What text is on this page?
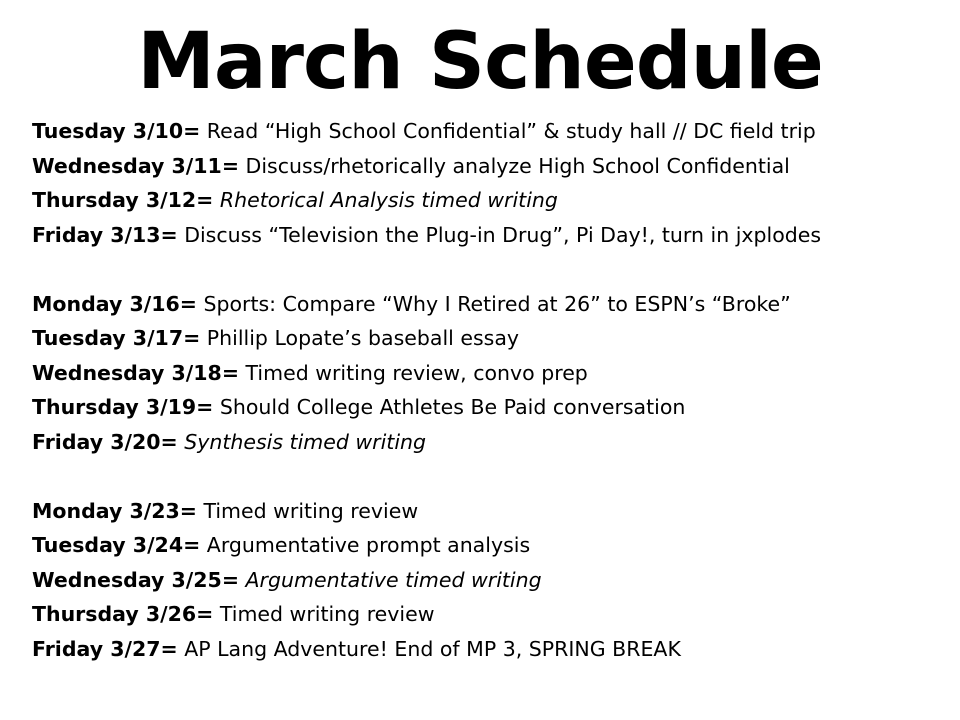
March Schedule
Tuesday 3/10= Read “High School Confidential” & study hall // DC field trip
Wednesday 3/11= Discuss/rhetorically analyze High School Confidential
Thursday 3/12= Rhetorical Analysis timed writing
Friday 3/13= Discuss “Television the Plug-in Drug”, Pi Day!, turn in jxplodes
Monday 3/16= Sports: Compare “Why I Retired at 26” to ESPN’s “Broke”
Tuesday 3/17= Phillip Lopate’s baseball essay
Wednesday 3/18= Timed writing review, convo prep
Thursday 3/19= Should College Athletes Be Paid conversation
Friday 3/20= Synthesis timed writing
Monday 3/23= Timed writing review
Tuesday 3/24= Argumentative prompt analysis
Wednesday 3/25= Argumentative timed writing
Thursday 3/26= Timed writing review
Friday 3/27= AP Lang Adventure! End of MP 3, SPRING BREAK
